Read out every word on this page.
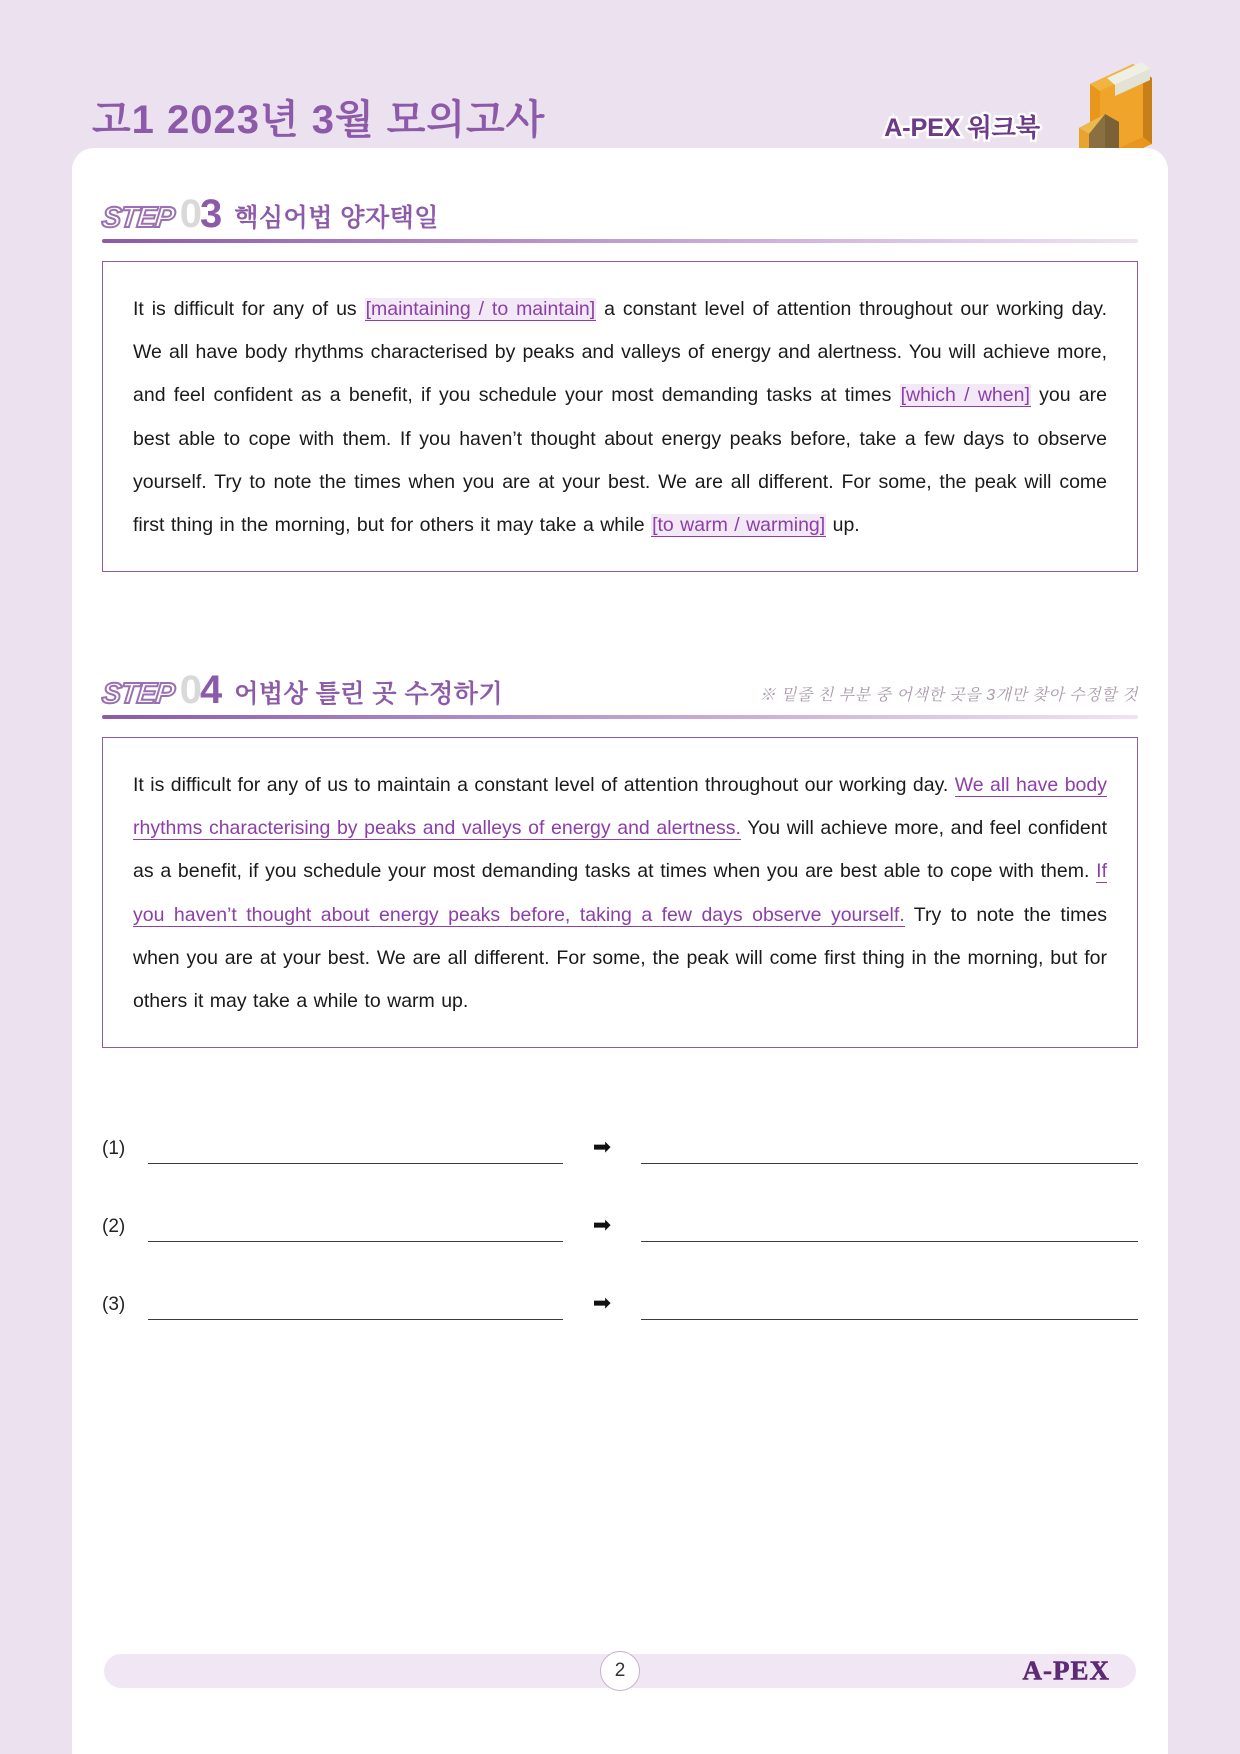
고1 2023년 3월 모의고사	A-PEX 워크북
STEP 03 핵심어법 양자택일
It is difficult for any of us [maintaining / to maintain] a constant level of attention throughout our working day. We all have body rhythms characterised by peaks and valleys of energy and alertness. You will achieve more, and feel confident as a benefit, if you schedule your most demanding tasks at times [which / when] you are best able to cope with them. If you haven’t thought about energy peaks before, take a few days to observe yourself. Try to note the times when you are at your best. We are all different. For some, the peak will come first thing in the morning, but for others it may take a while [to warm / warming] up.
STEP 04 어법상 틀린 곳 수정하기	※ 밑줄 친 부분 중 어색한 곳을 3개만 찾아 수정할 것
It is difficult for any of us to maintain a constant level of attention throughout our working day. We all have body rhythms characterising by peaks and valleys of energy and alertness. You will achieve more, and feel confident as a benefit, if you schedule your most demanding tasks at times when you are best able to cope with them. If you haven’t thought about energy peaks before, taking a few days observe yourself. Try to note the times when you are at your best. We are all different. For some, the peak will come first thing in the morning, but for others it may take a while to warm up.
(1)	➡
(2)	➡
(3)	➡
2	A-PEX
